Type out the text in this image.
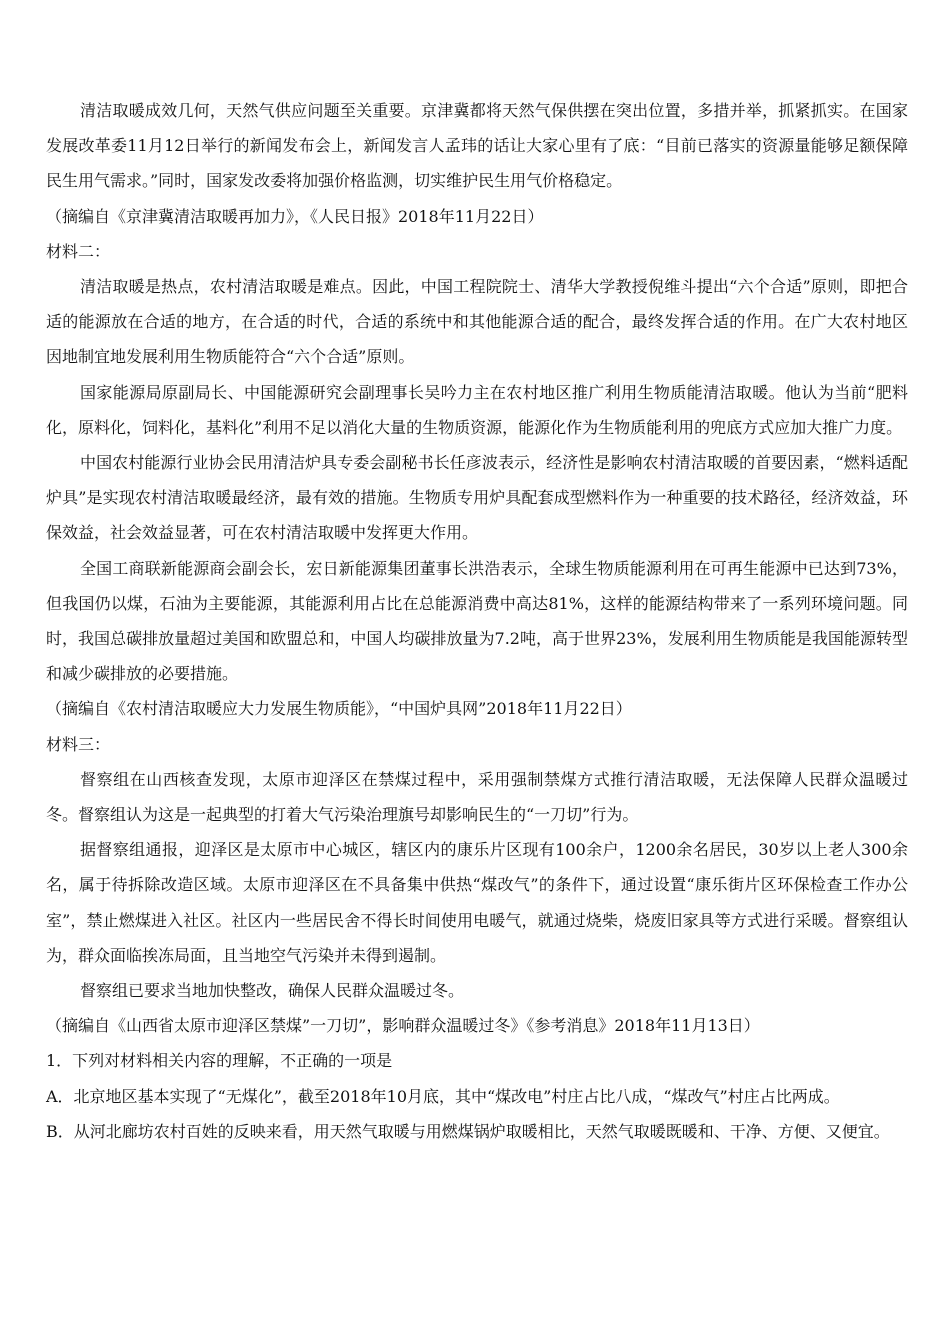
清洁取暖成效几何，天然气供应问题至关重要。京津冀都将天然气保供摆在突出位置，多措并举，抓紧抓实。在国家发展改革委11月12日举行的新闻发布会上，新闻发言人孟玮的话让大家心里有了底：“目前已落实的资源量能够足额保障民生用气需求。”同时，国家发改委将加强价格监测，切实维护民生用气价格稳定。

（摘编自《京津冀清洁取暖再加力》，《人民日报》2018年11月22日）

材料二：

清洁取暖是热点，农村清洁取暖是难点。因此，中国工程院院士、清华大学教授倪维斗提出“六个合适”原则，即把合适的能源放在合适的地方，在合适的时代，合适的系统中和其他能源合适的配合，最终发挥合适的作用。在广大农村地区因地制宜地发展利用生物质能符合“六个合适”原则。

国家能源局原副局长、中国能源研究会副理事长吴吟力主在农村地区推广利用生物质能清洁取暖。他认为当前“肥料化，原料化，饲料化，基料化”利用不足以消化大量的生物质资源，能源化作为生物质能利用的兜底方式应加大推广力度。

中国农村能源行业协会民用清洁炉具专委会副秘书长任彦波表示，经济性是影响农村清洁取暖的首要因素，“燃料适配炉具”是实现农村清洁取暖最经济，最有效的措施。生物质专用炉具配套成型燃料作为一种重要的技术路径，经济效益，环保效益，社会效益显著，可在农村清洁取暖中发挥更大作用。

全国工商联新能源商会副会长，宏日新能源集团董事长洪浩表示，全球生物质能源利用在可再生能源中已达到73%，但我国仍以煤，石油为主要能源，其能源利用占比在总能源消费中高达81%，这样的能源结构带来了一系列环境问题。同时，我国总碳排放量超过美国和欧盟总和，中国人均碳排放量为7.2吨，高于世界23%，发展利用生物质能是我国能源转型和减少碳排放的必要措施。

（摘编自《农村清洁取暖应大力发展生物质能》，“中国炉具网”2018年11月22日）

材料三：

督察组在山西核查发现，太原市迎泽区在禁煤过程中，采用强制禁煤方式推行清洁取暖，无法保障人民群众温暖过冬。督察组认为这是一起典型的打着大气污染治理旗号却影响民生的“一刀切”行为。

据督察组通报，迎泽区是太原市中心城区，辖区内的康乐片区现有100余户，1200余名居民，30岁以上老人300余名，属于待拆除改造区域。太原市迎泽区在不具备集中供热“煤改气”的条件下，通过设置“康乐街片区环保检查工作办公室”，禁止燃煤进入社区。社区内一些居民舍不得长时间使用电暖气，就通过烧柴，烧废旧家具等方式进行采暖。督察组认为，群众面临挨冻局面，且当地空气污染并未得到遏制。

督察组已要求当地加快整改，确保人民群众温暖过冬。

（摘编自《山西省太原市迎泽区禁煤”一刀切”，影响群众温暖过冬》《参考消息》2018年11月13日）

1．下列对材料相关内容的理解，不正确的一项是

A．北京地区基本实现了“无煤化”，截至2018年10月底，其中“煤改电”村庄占比八成，“煤改气”村庄占比两成。

B．从河北廊坊农村百姓的反映来看，用天然气取暖与用燃煤锅炉取暖相比，天然气取暖既暖和、干净、方便、又便宜。
